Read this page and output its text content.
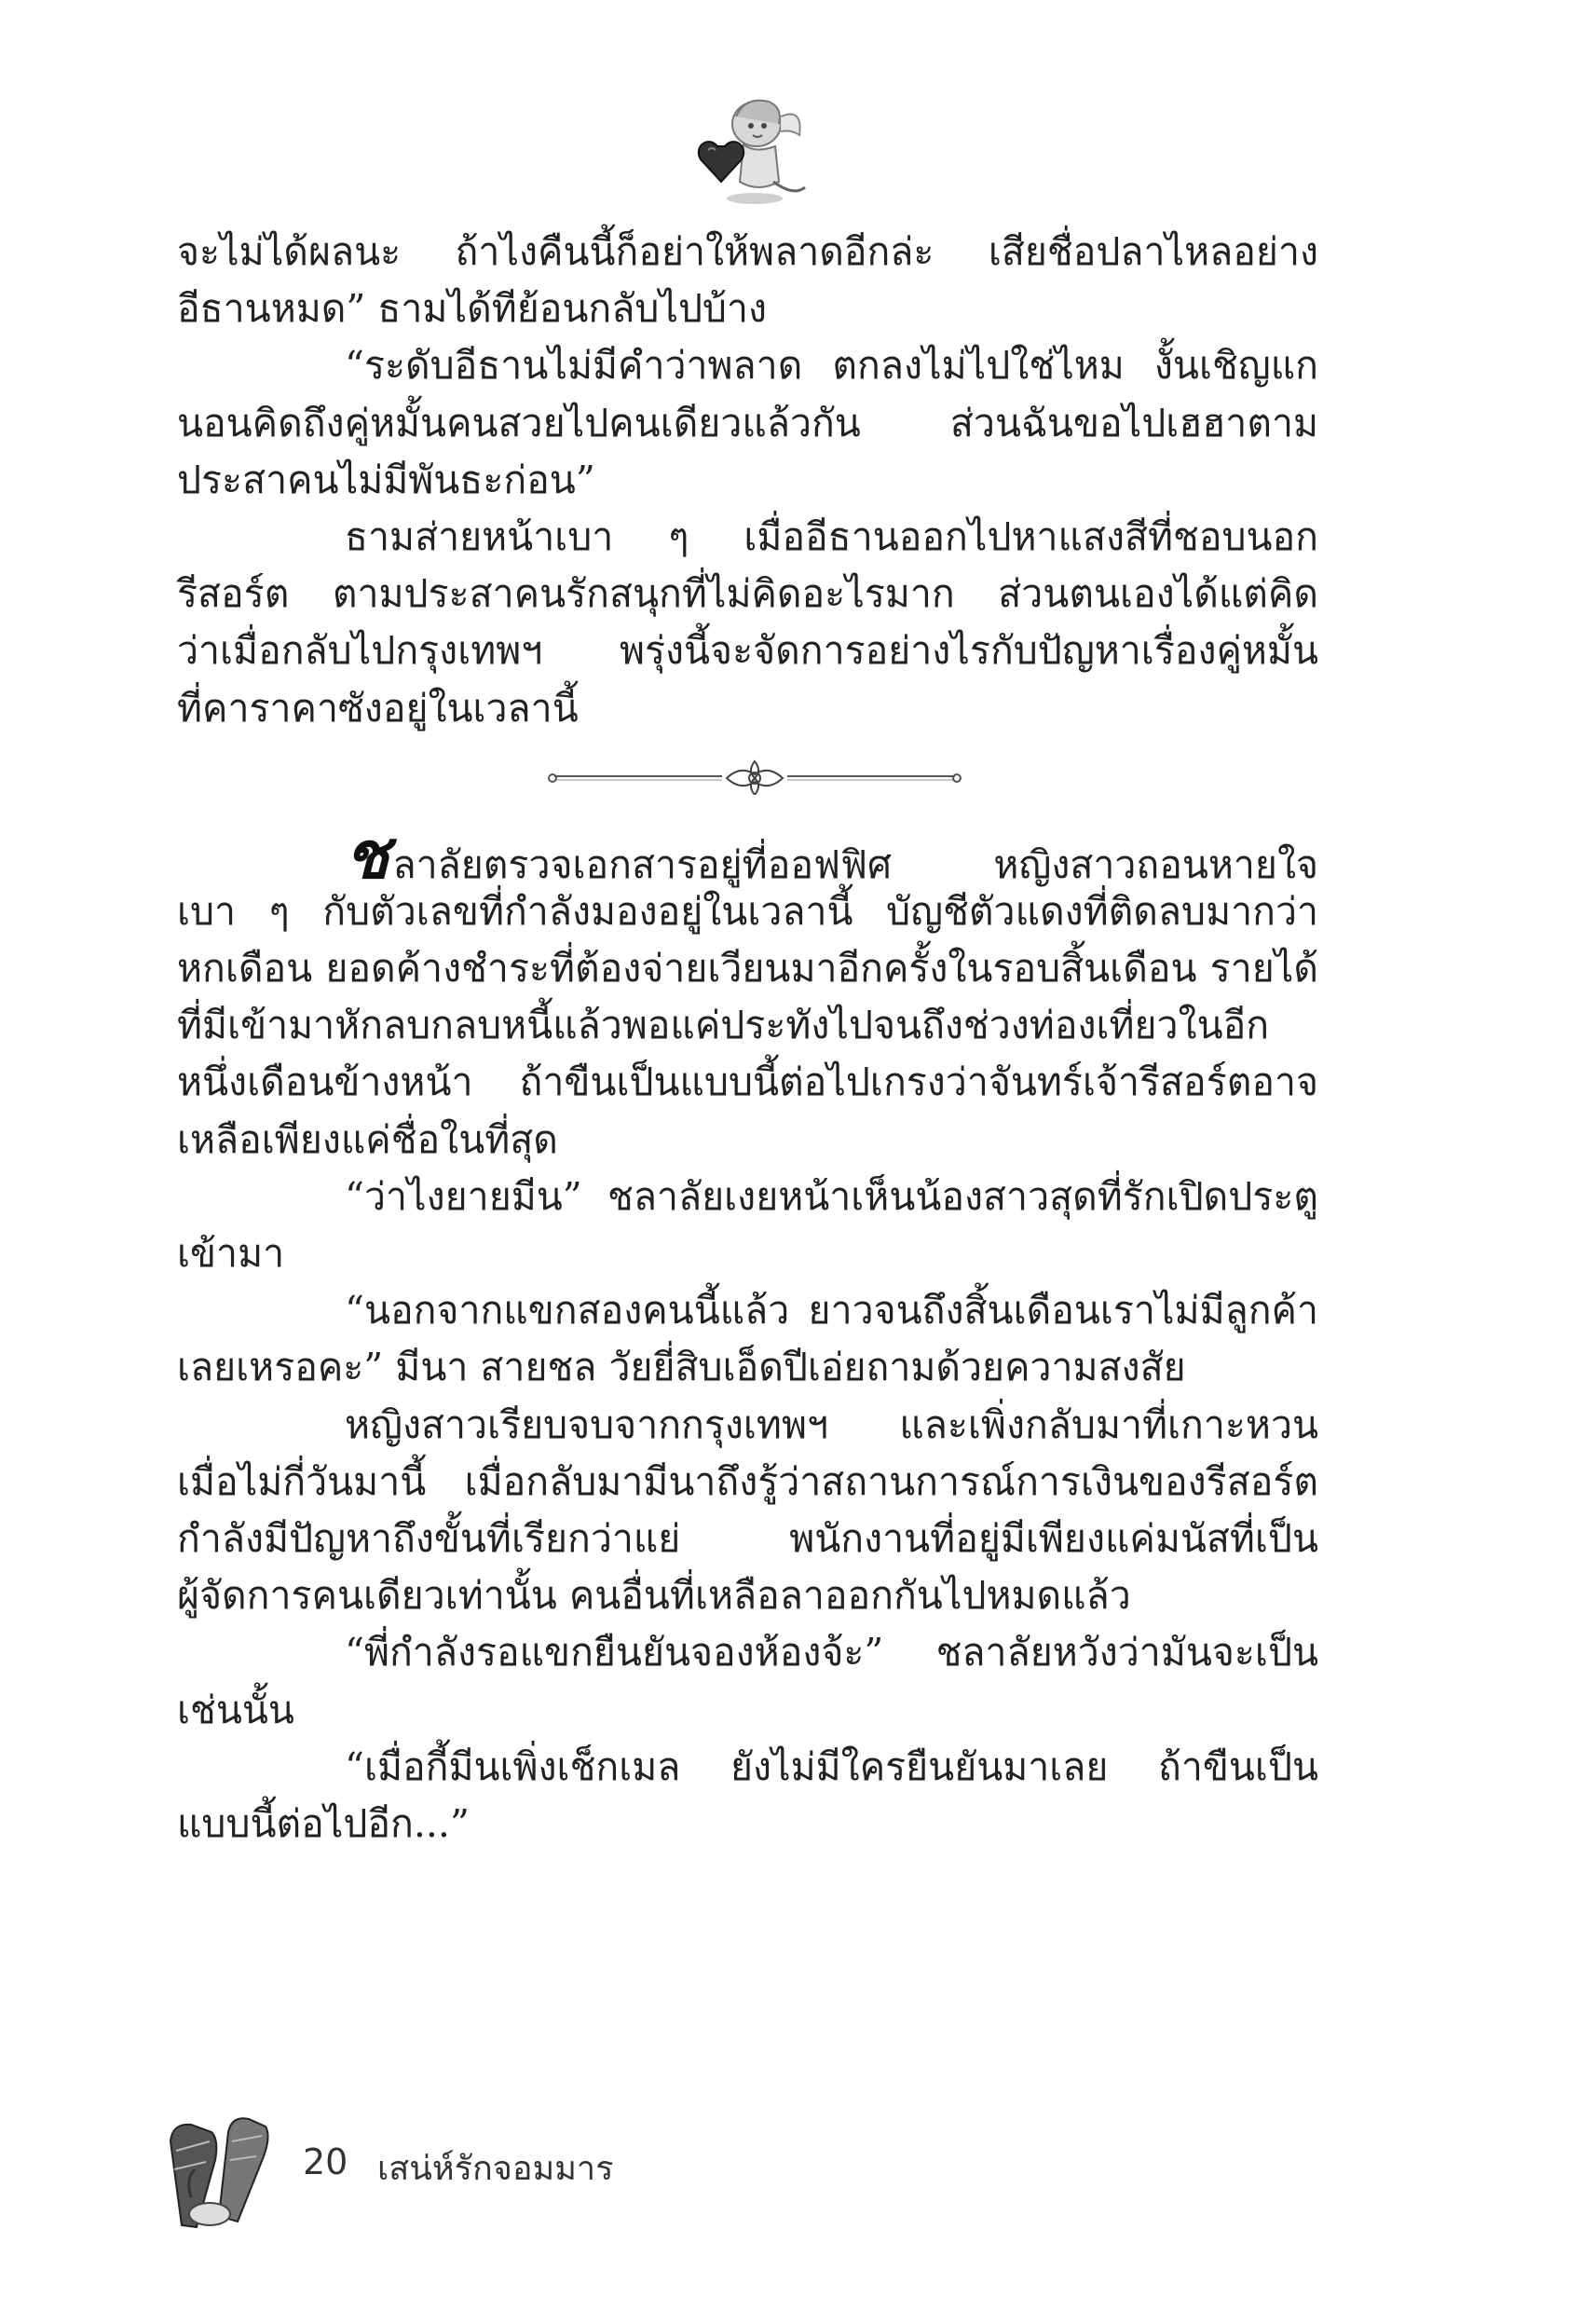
จะไม่ได้ผลนะ ถ้าไงคืนนี้ก็อย่าให้พลาดอีกล่ะ เสียชื่อปลาไหลอย่าง
อีธานหมด” ธามได้ทีย้อนกลับไปบ้าง
“ระดับอีธานไม่มีคำว่าพลาด ตกลงไม่ไปใช่ไหม งั้นเชิญแก
นอนคิดถึงคู่หมั้นคนสวยไปคนเดียวแล้วกัน ส่วนฉันขอไปเฮฮาตาม
ประสาคนไม่มีพันธะก่อน”
ธามส่ายหน้าเบา ๆ เมื่ออีธานออกไปหาแสงสีที่ชอบนอก
รีสอร์ต ตามประสาคนรักสนุกที่ไม่คิดอะไรมาก ส่วนตนเองได้แต่คิด
ว่าเมื่อกลับไปกรุงเทพฯ พรุ่งนี้จะจัดการอย่างไรกับปัญหาเรื่องคู่หมั้น
ที่คาราคาซังอยู่ในเวลานี้
ชลาลัยตรวจเอกสารอยู่ที่ออฟฟิศ หญิงสาวถอนหายใจ
เบา ๆ กับตัวเลขที่กำลังมองอยู่ในเวลานี้ บัญชีตัวแดงที่ติดลบมากว่า
หกเดือน ยอดค้างชำระที่ต้องจ่ายเวียนมาอีกครั้งในรอบสิ้นเดือน รายได้
ที่มีเข้ามาหักลบกลบหนี้แล้วพอแค่ประทังไปจนถึงช่วงท่องเที่ยวในอีก
หนึ่งเดือนข้างหน้า ถ้าขืนเป็นแบบนี้ต่อไปเกรงว่าจันทร์เจ้ารีสอร์ตอาจ
เหลือเพียงแค่ชื่อในที่สุด
“ว่าไงยายมีน” ชลาลัยเงยหน้าเห็นน้องสาวสุดที่รักเปิดประตู
เข้ามา
“นอกจากแขกสองคนนี้แล้ว ยาวจนถึงสิ้นเดือนเราไม่มีลูกค้า
เลยเหรอคะ” มีนา สายชล วัยยี่สิบเอ็ดปีเอ่ยถามด้วยความสงสัย
หญิงสาวเรียบจบจากกรุงเทพฯ และเพิ่งกลับมาที่เกาะหวน
เมื่อไม่กี่วันมานี้ เมื่อกลับมามีนาถึงรู้ว่าสถานการณ์การเงินของรีสอร์ต
กำลังมีปัญหาถึงขั้นที่เรียกว่าแย่ พนักงานที่อยู่มีเพียงแค่มนัสที่เป็น
ผู้จัดการคนเดียวเท่านั้น คนอื่นที่เหลือลาออกกันไปหมดแล้ว
“พี่กำลังรอแขกยืนยันจองห้องจ้ะ” ชลาลัยหวังว่ามันจะเป็น
เช่นนั้น
“เมื่อกี้มีนเพิ่งเช็กเมล ยังไม่มีใครยืนยันมาเลย ถ้าขืนเป็น
แบบนี้ต่อไปอีก...”
20 เสน่ห์รักจอมมาร
